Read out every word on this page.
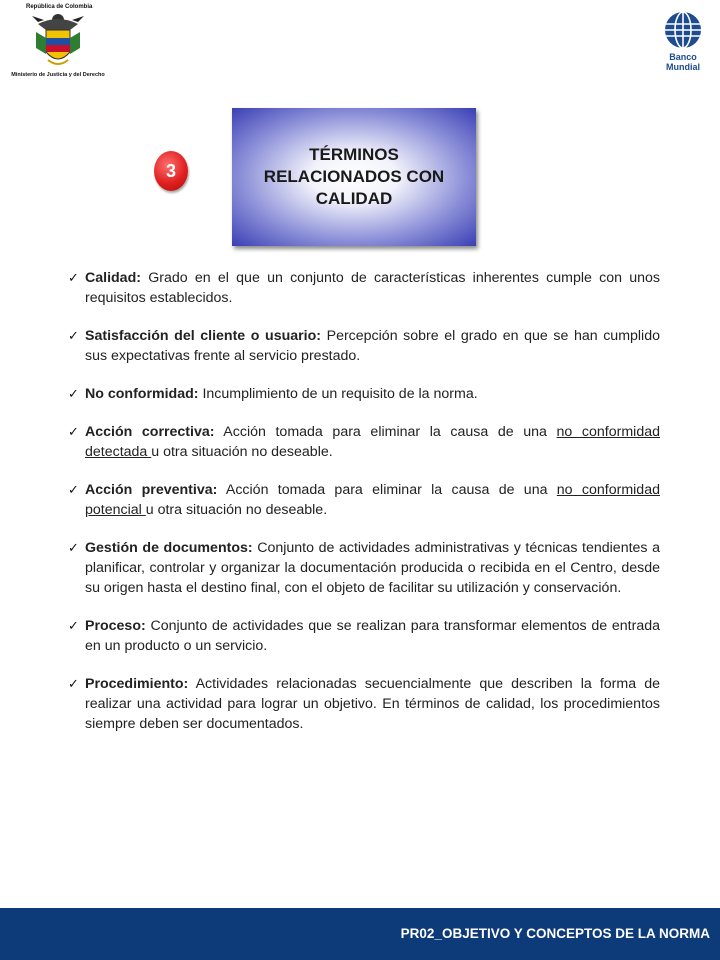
República de Colombia
Ministerio de Justicia y del Derecho
Banco Mundial
3
TÉRMINOS RELACIONADOS CON CALIDAD
✓ Calidad: Grado en el que un conjunto de características inherentes cumple con unos requisitos establecidos.
✓ Satisfacción del cliente o usuario: Percepción sobre el grado en que se han cumplido sus expectativas frente al servicio prestado.
✓ No conformidad: Incumplimiento de un requisito de la norma.
✓ Acción correctiva: Acción tomada para eliminar la causa de una no conformidad detectada u otra situación no deseable.
✓ Acción preventiva: Acción tomada para eliminar la causa de una no conformidad potencial u otra situación no deseable.
✓ Gestión de documentos: Conjunto de actividades administrativas y técnicas tendientes a planificar, controlar y organizar la documentación producida o recibida en el Centro, desde su origen hasta el destino final, con el objeto de facilitar su utilización y conservación.
✓ Proceso: Conjunto de actividades que se realizan para transformar elementos de entrada en un producto o un servicio.
✓ Procedimiento: Actividades relacionadas secuencialmente que describen la forma de realizar una actividad para lograr un objetivo. En términos de calidad, los procedimientos siempre deben ser documentados.
PR02_OBJETIVO Y CONCEPTOS DE LA NORMA
